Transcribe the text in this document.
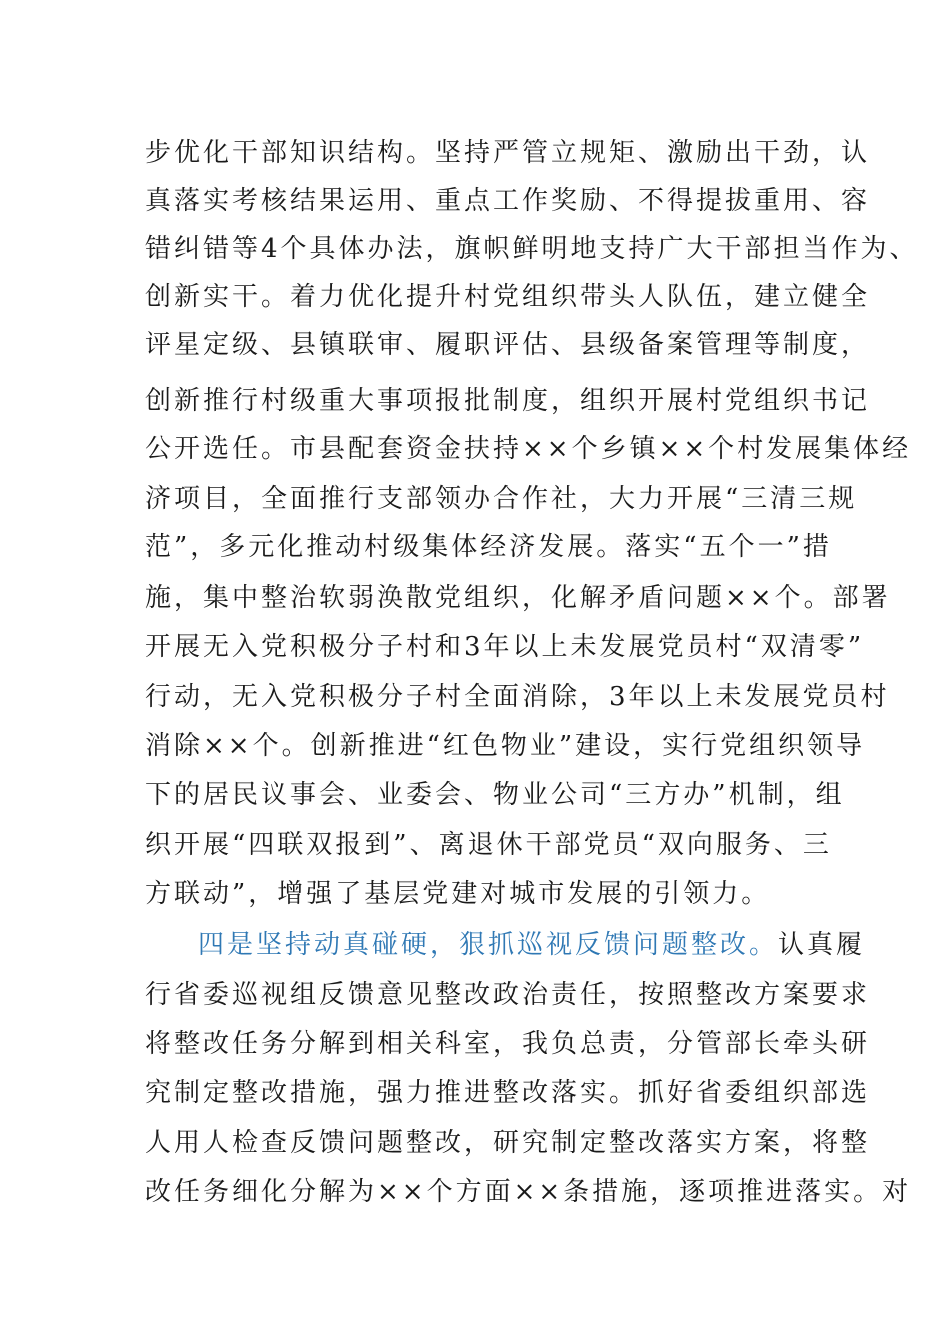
步优化干部知识结构。坚持严管立规矩、激励出干劲，认
真落实考核结果运用、重点工作奖励、不得提拔重用、容
错纠错等4个具体办法，旗帜鲜明地支持广大干部担当作为、
创新实干。着力优化提升村党组织带头人队伍，建立健全
评星定级、县镇联审、履职评估、县级备案管理等制度，
创新推行村级重大事项报批制度，组织开展村党组织书记
公开选任。市县配套资金扶持××个乡镇××个村发展集体经
济项目，全面推行支部领办合作社，大力开展“三清三规
范”，多元化推动村级集体经济发展。落实“五个一”措
施，集中整治软弱涣散党组织，化解矛盾问题××个。部署
开展无入党积极分子村和3年以上未发展党员村“双清零”
行动，无入党积极分子村全面消除，3年以上未发展党员村
消除××个。创新推进“红色物业”建设，实行党组织领导
下的居民议事会、业委会、物业公司“三方办”机制，组
织开展“四联双报到”、离退休干部党员“双向服务、三
方联动”，增强了基层党建对城市发展的引领力。
四是坚持动真碰硬，狠抓巡视反馈问题整改。认真履
行省委巡视组反馈意见整改政治责任，按照整改方案要求
将整改任务分解到相关科室，我负总责，分管部长牵头研
究制定整改措施，强力推进整改落实。抓好省委组织部选
人用人检查反馈问题整改，研究制定整改落实方案，将整
改任务细化分解为××个方面××条措施，逐项推进落实。对
